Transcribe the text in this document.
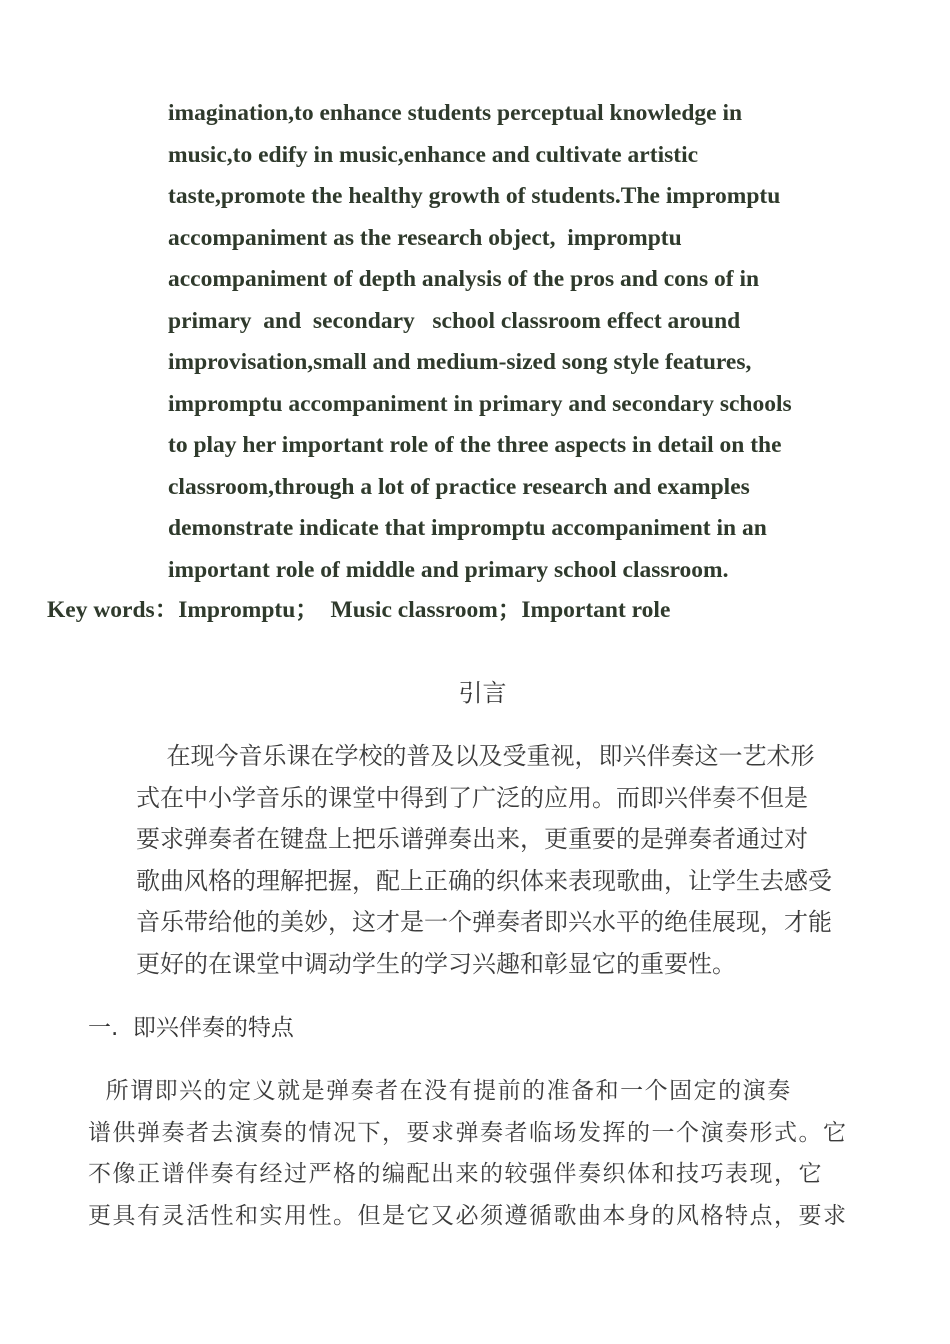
imagination,to enhance students perceptual knowledge in
music,to edify in music,enhance and cultivate artistic
taste,promote the healthy growth of students.The impromptu
accompaniment as the research object,  impromptu
accompaniment of depth analysis of the pros and cons of in
primary  and  secondary   school classroom effect around
improvisation,small and medium-sized song style features,
impromptu accompaniment in primary and secondary schools
to play her important role of the three aspects in detail on the
classroom,through a lot of practice research and examples
demonstrate indicate that impromptu accompaniment in an
important role of middle and primary school classroom.
Key words：Impromptu；  Music classroom；Important role
引言
在现今音乐课在学校的普及以及受重视，即兴伴奏这一艺术形
式在中小学音乐的课堂中得到了广泛的应用。而即兴伴奏不但是
要求弹奏者在键盘上把乐谱弹奏出来，更重要的是弹奏者通过对
歌曲风格的理解把握，配上正确的织体来表现歌曲，让学生去感受
音乐带给他的美妙，这才是一个弹奏者即兴水平的绝佳展现，才能
更好的在课堂中调动学生的学习兴趣和彰显它的重要性。
一.  即兴伴奏的特点
所谓即兴的定义就是弹奏者在没有提前的准备和一个固定的演奏
谱供弹奏者去演奏的情况下，要求弹奏者临场发挥的一个演奏形式。它
不像正谱伴奏有经过严格的编配出来的较强伴奏织体和技巧表现，它
更具有灵活性和实用性。但是它又必须遵循歌曲本身的风格特点，要求
